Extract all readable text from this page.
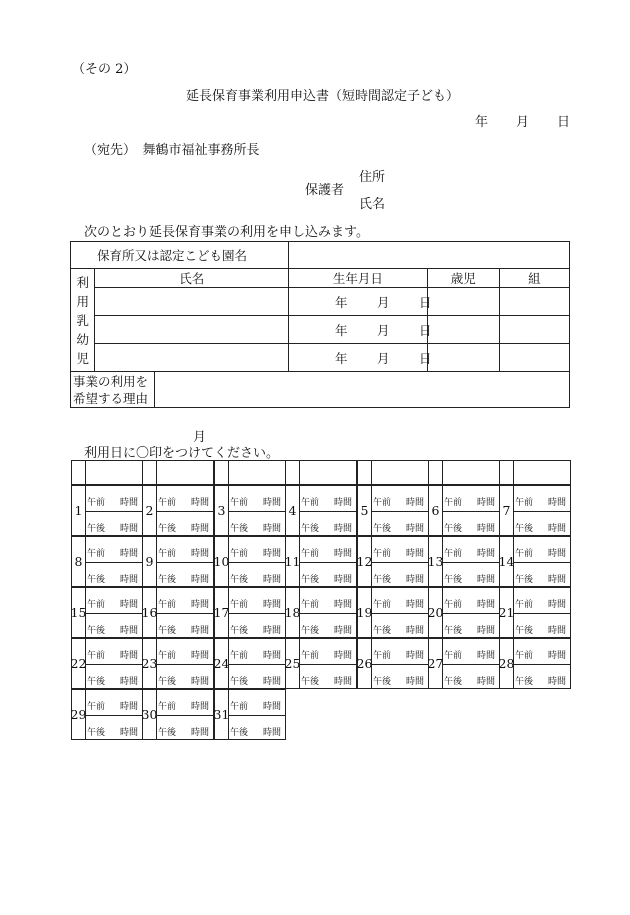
（その 2）
延長保育事業利用申込書（短時間認定子ども）
年 月 日
（宛先）　舞鶴市福祉事務所長
住所
保護者
氏名
次のとおり延長保育事業の利用を申し込みます。
保育所又は認定こども園名					

利
用
乳
幼
児	氏名		生年月日	歳児	組

			年 月 日		

			年 月 日		

			年 月 日		

事業の利用を
希望する理由					

月
利用日に〇印をつけてください。
1 午前 時間
午後 時間
2 午前 時間
午後 時間
3 午前 時間
午後 時間
4 午前 時間
午後 時間
5 午前 時間
午後 時間
6 午前 時間
午後 時間
7 午前 時間
午後 時間
8 午前 時間
午後 時間
9 午前 時間
午後 時間
10 午前 時間
午後 時間
11 午前 時間
午後 時間
12 午前 時間
午後 時間
13 午前 時間
午後 時間
14 午前 時間
午後 時間
15 午前 時間
午後 時間
16 午前 時間
午後 時間
17 午前 時間
午後 時間
18 午前 時間
午後 時間
19 午前 時間
午後 時間
20 午前 時間
午後 時間
21 午前 時間
午後 時間
22 午前 時間
午後 時間
23 午前 時間
午後 時間
24 午前 時間
午後 時間
25 午前 時間
午後 時間
26 午前 時間
午後 時間
27 午前 時間
午後 時間
28 午前 時間
午後 時間
29 午前 時間
午後 時間
30 午前 時間
午後 時間
31 午前 時間
午後 時間
